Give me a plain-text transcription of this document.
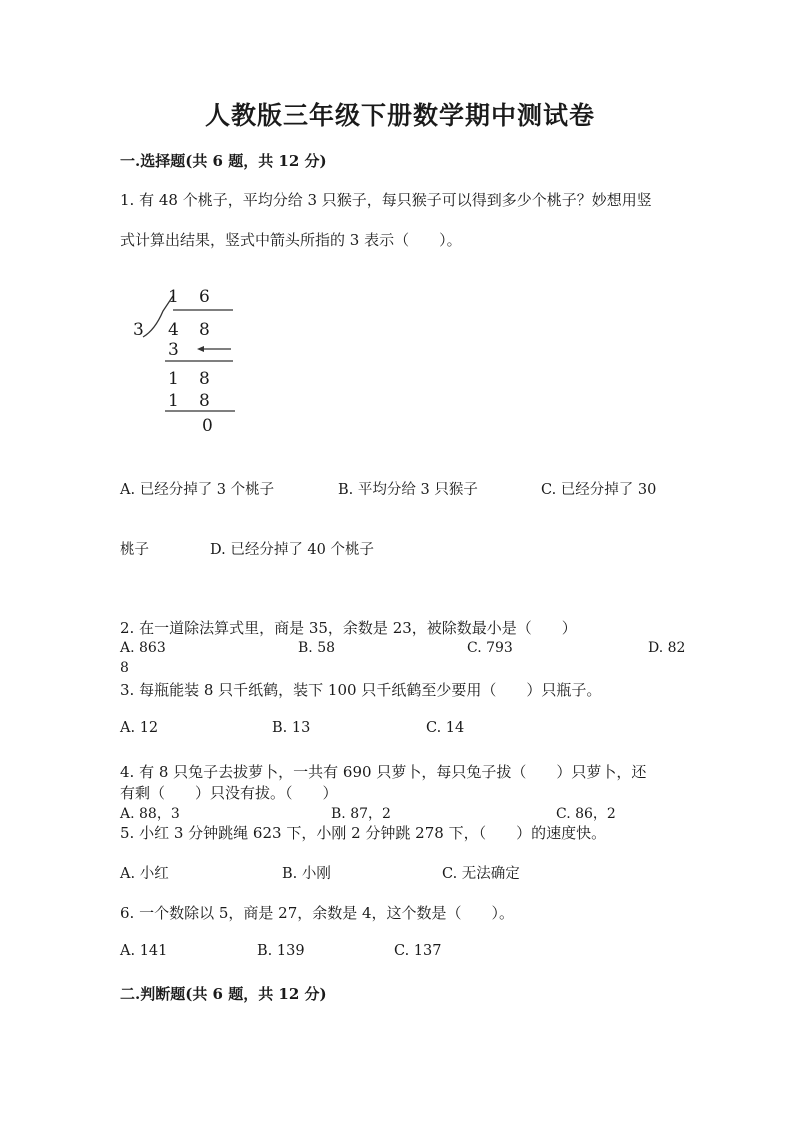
人教版三年级下册数学期中测试卷
一.选择题(共 6 题，共 12 分)
1. 有 48 个桃子，平均分给 3 只猴子，每只猴子可以得到多少个桃子？妙想用竖
式计算出结果，竖式中箭头所指的 3 表示（　　）。
1 6
3 4 8
3
1 8
1 8
0
A. 已经分掉了 3 个桃子	B. 平均分给 3 只猴子	C. 已经分掉了 30
桃子	D. 已经分掉了 40 个桃子
2. 在一道除法算式里，商是 35，余数是 23，被除数最小是（　　）
A. 863	B. 58	C. 793	D. 82
8
3. 每瓶能装 8 只千纸鹤，装下 100 只千纸鹤至少要用（　　）只瓶子。
A. 12	B. 13	C. 14
4. 有 8 只兔子去拔萝卜，一共有 690 只萝卜，每只兔子拔（　　）只萝卜，还
有剩（　　）只没有拔。（　　）
A. 88，3	B. 87，2	C. 86，2
5. 小红 3 分钟跳绳 623 下，小刚 2 分钟跳 278 下，（　　）的速度快。
A. 小红	B. 小刚	C. 无法确定
6. 一个数除以 5，商是 27，余数是 4，这个数是（　　）。
A. 141	B. 139	C. 137
二.判断题(共 6 题，共 12 分)
